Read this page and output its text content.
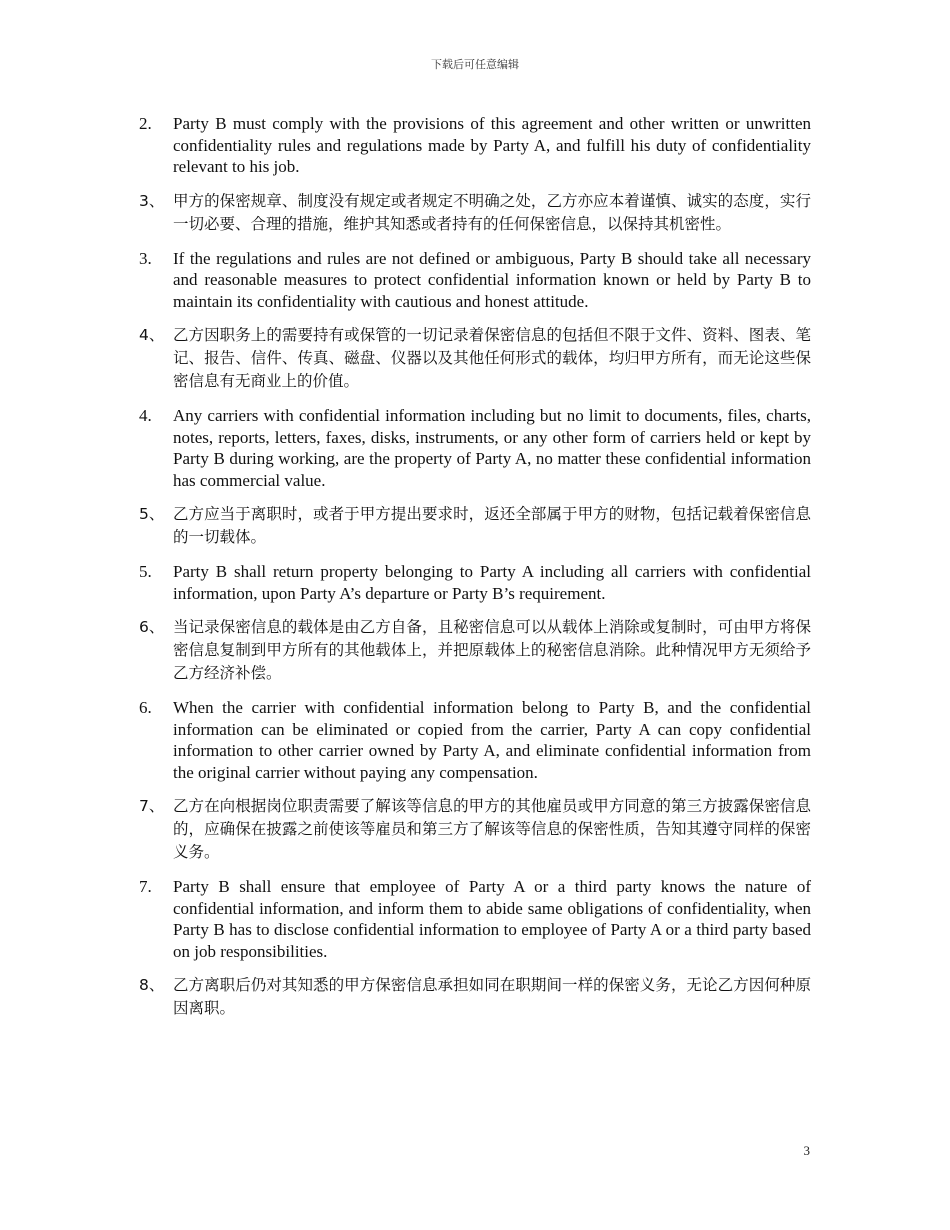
下载后可任意编辑
2. Party B must comply with the provisions of this agreement and other written or unwritten confidentiality rules and regulations made by Party A, and fulfill his duty of confidentiality relevant to his job.
3、 甲方的保密规章、制度没有规定或者规定不明确之处，乙方亦应本着谨慎、诚实的态度，实行一切必要、合理的措施，维护其知悉或者持有的任何保密信息，以保持其机密性。
3. If the regulations and rules are not defined or ambiguous, Party B should take all necessary and reasonable measures to protect confidential information known or held by Party B to maintain its confidentiality with cautious and honest attitude.
4、 乙方因职务上的需要持有或保管的一切记录着保密信息的包括但不限于文件、资料、图表、笔记、报告、信件、传真、磁盘、仪器以及其他任何形式的载体，均归甲方所有，而无论这些保密信息有无商业上的价值。
4. Any carriers with confidential information including but no limit to documents, files, charts, notes, reports, letters, faxes, disks, instruments, or any other form of carriers held or kept by Party B during working, are the property of Party A, no matter these confidential information has commercial value.
5、 乙方应当于离职时，或者于甲方提出要求时，返还全部属于甲方的财物，包括记载着保密信息的一切载体。
5. Party B shall return property belonging to Party A including all carriers with confidential information, upon Party A’s departure or Party B’s requirement.
6、 当记录保密信息的载体是由乙方自备，且秘密信息可以从载体上消除或复制时，可由甲方将保密信息复制到甲方所有的其他载体上，并把原载体上的秘密信息消除。此种情况甲方无须给予乙方经济补偿。
6. When the carrier with confidential information belong to Party B, and the confidential information can be eliminated or copied from the carrier, Party A can copy confidential information to other carrier owned by Party A, and eliminate confidential information from the original carrier without paying any compensation.
7、 乙方在向根据岗位职责需要了解该等信息的甲方的其他雇员或甲方同意的第三方披露保密信息的，应确保在披露之前使该等雇员和第三方了解该等信息的保密性质，告知其遵守同样的保密义务。
7. Party B shall ensure that employee of Party A or a third party knows the nature of confidential information, and inform them to abide same obligations of confidentiality, when Party B has to disclose confidential information to employee of Party A or a third party based on job responsibilities.
8、 乙方离职后仍对其知悉的甲方保密信息承担如同在职期间一样的保密义务，无论乙方因何种原因离职。
3
